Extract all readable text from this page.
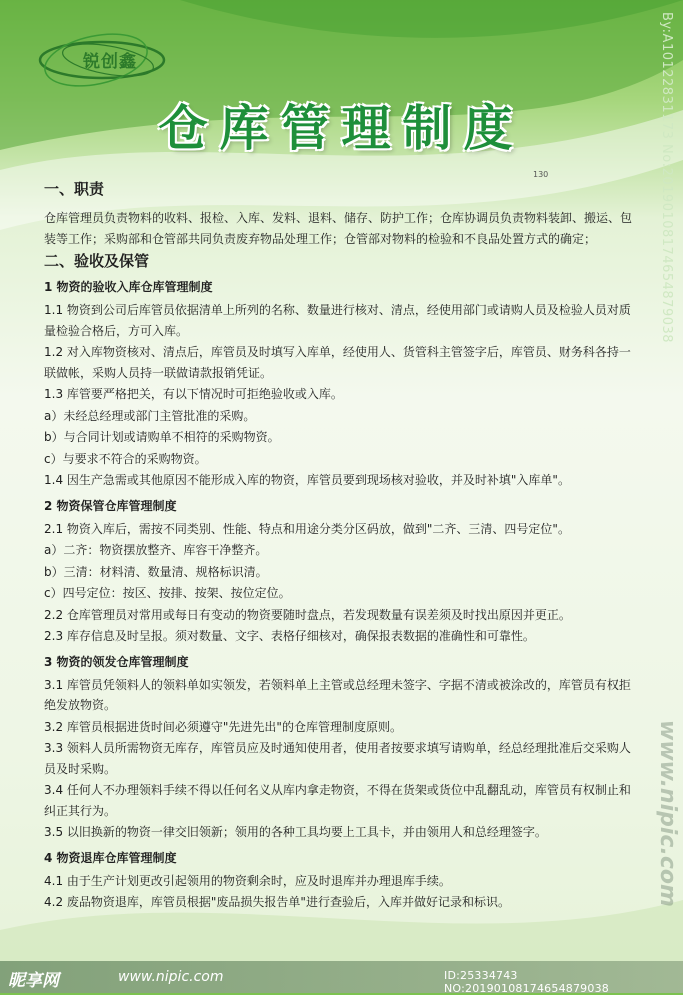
By:A10122831173 No:20190108174654879038
锐创鑫
仓库管理制度
130
一、职责

仓库管理员负责物料的收料、报检、入库、发料、退料、储存、防护工作；仓库协调员负责物料装卸、搬运、包装等工作；采购部和仓管部共同负责废弃物品处理工作；仓管部对物料的检验和不良品处置方式的确定；

二、验收及保管
1 物资的验收入库仓库管理制度

1.1 物资到公司后库管员依据清单上所列的名称、数量进行核对、清点，经使用部门或请购人员及检验人员对质量检验合格后，方可入库。

1.2 对入库物资核对、清点后，库管员及时填写入库单，经使用人、货管科主管签字后，库管员、财务科各持一联做帐，采购人员持一联做请款报销凭证。

1.3 库管要严格把关，有以下情况时可拒绝验收或入库。

a）未经总经理或部门主管批准的采购。

b）与合同计划或请购单不相符的采购物资。

c）与要求不符合的采购物资。

1.4 因生产急需或其他原因不能形成入库的物资，库管员要到现场核对验收，并及时补填"入库单"。

2 物资保管仓库管理制度

2.1 物资入库后，需按不同类别、性能、特点和用途分类分区码放，做到"二齐、三清、四号定位"。

a）二齐：物资摆放整齐、库容干净整齐。

b）三清：材料清、数量清、规格标识清。

c）四号定位：按区、按排、按架、按位定位。

2.2 仓库管理员对常用或每日有变动的物资要随时盘点，若发现数量有误差须及时找出原因并更正。

2.3 库存信息及时呈报。须对数量、文字、表格仔细核对，确保报表数据的准确性和可靠性。

3 物资的领发仓库管理制度

3.1 库管员凭领料人的领料单如实领发，若领料单上主管或总经理未签字、字据不清或被涂改的，库管员有权拒绝发放物资。

3.2 库管员根据进货时间必须遵守"先进先出"的仓库管理制度原则。

3.3 领料人员所需物资无库存，库管员应及时通知使用者，使用者按要求填写请购单，经总经理批准后交采购人员及时采购。

3.4 任何人不办理领料手续不得以任何名义从库内拿走物资，不得在货架或货位中乱翻乱动，库管员有权制止和纠正其行为。

3.5 以旧换新的物资一律交旧领新；领用的各种工具均要上工具卡，并由领用人和总经理签字。

4 物资退库仓库管理制度

4.1 由于生产计划更改引起领用的物资剩余时，应及时退库并办理退库手续。

4.2 废品物资退库，库管员根据"废品损失报告单"进行查验后，入库并做好记录和标识。	www.nipic.com
昵享网	www.nipic.com	ID:25334743 NO:20190108174654879038
